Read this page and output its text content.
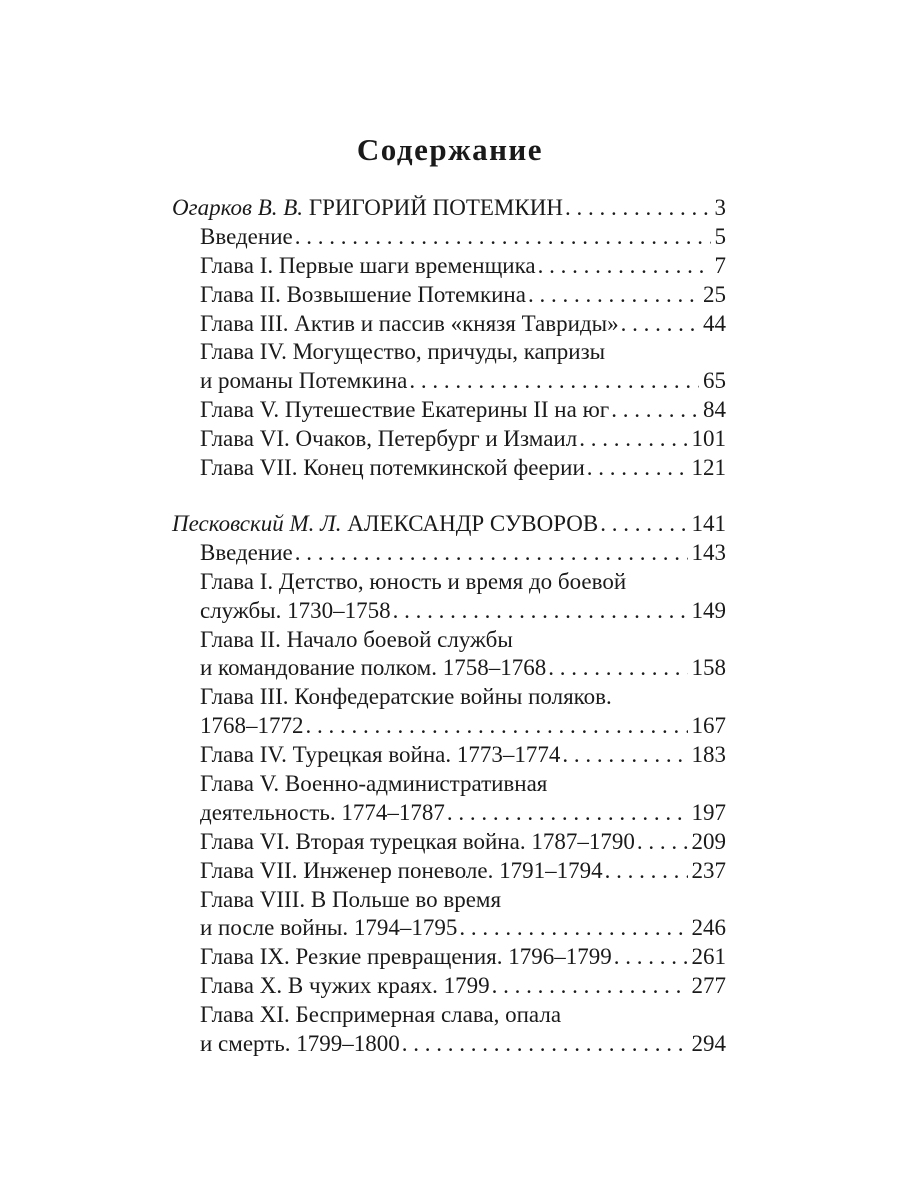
Содержание
Огарков В. В. ГРИГОРИЙ ПОТЕМКИН . . .	3
Введение . . .	5
Глава I. Первые шаги временщика . . .	7
Глава II. Возвышение Потемкина . . .	25
Глава III. Актив и пассив «князя Тавриды» . . .	44
Глава IV. Могущество, причуды, капризы
и романы Потемкина . . .	65
Глава V. Путешествие Екатерины II на юг . . .	84
Глава VI. Очаков, Петербург и Измаил . . .	101
Глава VII. Конец потемкинской феерии . . .	121
Песковский М. Л. АЛЕКСАНДР СУВОРОВ . . .	141
Введение . . .	143
Глава I. Детство, юность и время до боевой
службы. 1730–1758 . . .	149
Глава II. Начало боевой службы
и командование полком. 1758–1768 . . .	158
Глава III. Конфедератские войны поляков.
1768–1772 . . .	167
Глава IV. Турецкая война. 1773–1774 . . .	183
Глава V. Военно-административная
деятельность. 1774–1787 . . .	197
Глава VI. Вторая турецкая война. 1787–1790 . . . 209
Глава VII. Инженер поневоле. 1791–1794 . . .	237
Глава VIII. В Польше во время
и после войны. 1794–1795 . . .	246
Глава IX. Резкие превращения. 1796–1799 . . .	261
Глава X. В чужих краях. 1799 . . .	277
Глава XI. Беспримерная слава, опала
и смерть. 1799–1800 . . .	294
